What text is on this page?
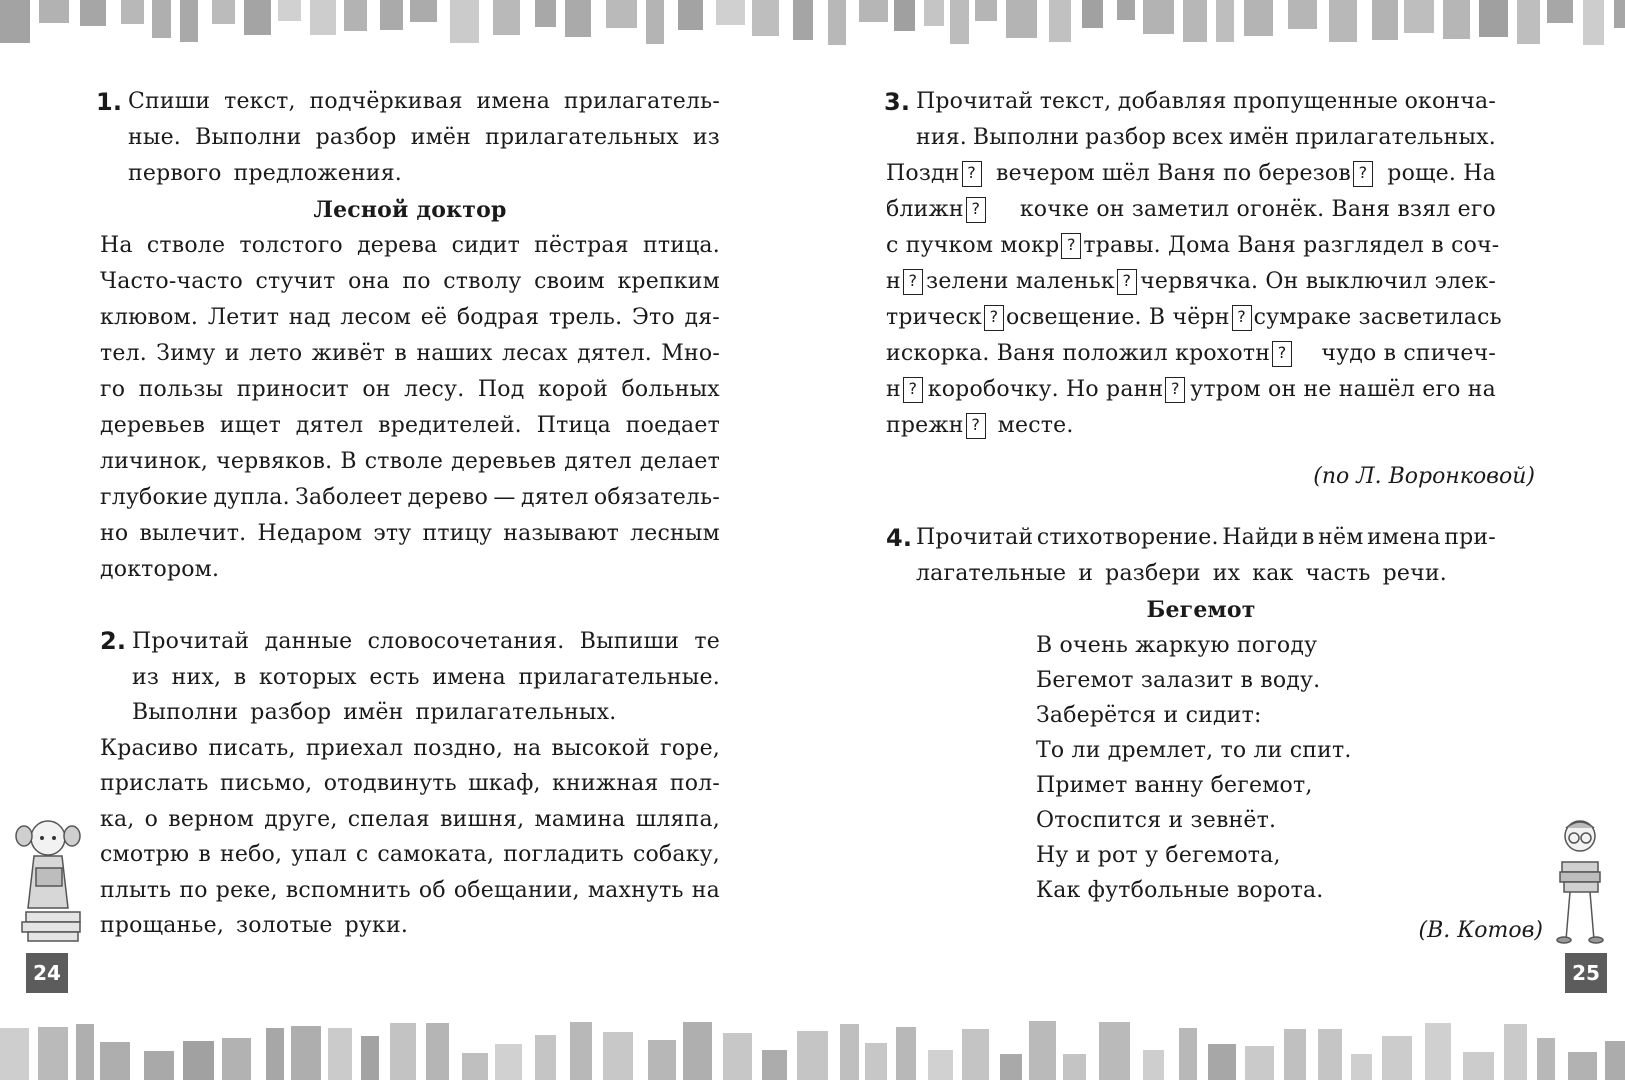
1. Спиши текст, подчёркивая имена прилагатель-
ные. Выполни разбор имён прилагательных из
первого предложения.
Лесной доктор
На стволе толстого дерева сидит пёстрая птица.
Часто-часто стучит она по стволу своим крепким
клювом. Летит над лесом её бодрая трель. Это дя-
тел. Зиму и лето живёт в наших лесах дятел. Мно-
го пользы приносит он лесу. Под корой больных
деревьев ищет дятел вредителей. Птица поедает
личинок, червяков. В стволе деревьев дятел делает
глубокие дупла. Заболеет дерево — дятел обязатель-
но вылечит. Недаром эту птицу называют лесным
доктором.
2. Прочитай данные словосочетания. Выпиши те
из них, в которых есть имена прилагательные.
Выполни разбор имён прилагательных.
Красиво писать, приехал поздно, на высокой горе,
прислать письмо, отодвинуть шкаф, книжная пол-
ка, о верном друге, спелая вишня, мамина шляпа,
смотрю в небо, упал с самоката, погладить собаку,
плыть по реке, вспомнить об обещании, махнуть на
прощанье, золотые руки.
24
3. Прочитай текст, добавляя пропущенные оконча-
ния. Выполни разбор всех имён прилагательных.
Поздн ? вечером шёл Ваня по березов ? роще. На
ближн ?	кочке он заметил огонёк. Ваня взял его
с пучком мокр ? травы. Дома Ваня разглядел в соч-
н ? зелени маленьк ? червячка. Он выключил элек-
трическ ? освещение. В чёрн ? сумраке засветилась
искорка. Ваня положил крохотн ?	чудо в спичеч-
н ? коробочку. Но ранн ? утром он не нашёл его на
прежн ? месте.
(по Л. Воронковой)
4. Прочитай стихотворение. Найди в нём имена при-
лагательные и разбери их как часть речи.
Бегемот
В очень жаркую погоду
Бегемот залазит в воду.
Заберётся и сидит:
То ли дремлет, то ли спит.
Примет ванну бегемот,
Отоспится и зевнёт.
Ну и рот у бегемота,
Как футбольные ворота.
(В. Котов)
25
